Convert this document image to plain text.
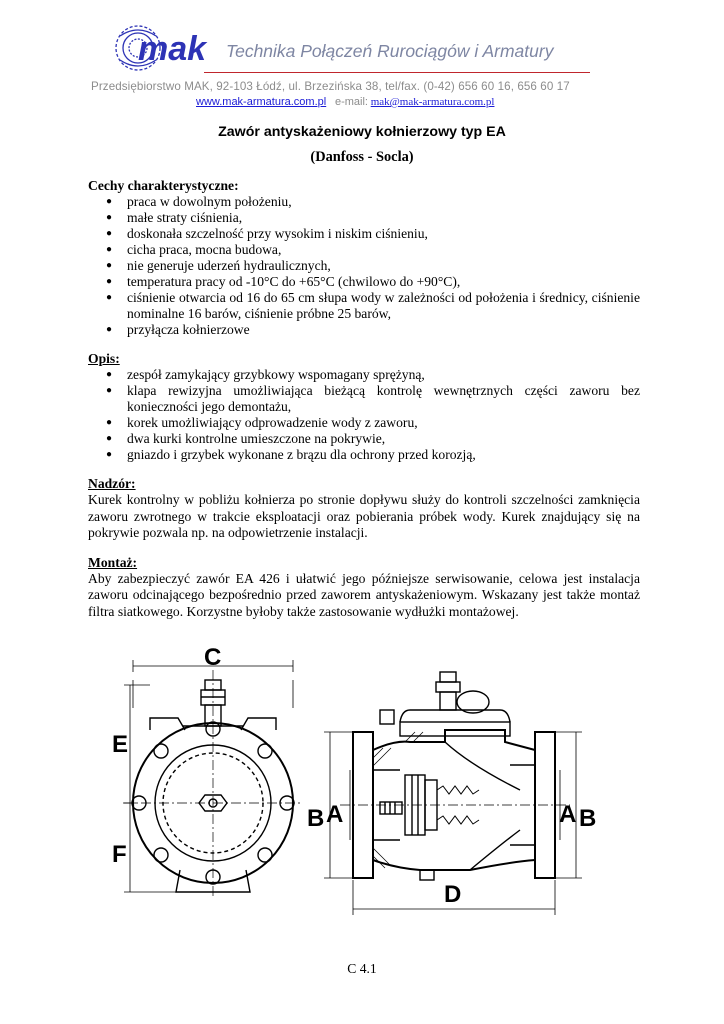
mak Technika Połączeń Rurociągów i Armatury
Przedsiębiorstwo MAK, 92-103 Łódź, ul. Brzezińska 38, tel/fax. (0-42) 656 60 16, 656 60 17
www.mak-armatura.com.pl e-mail: mak@mak-armatura.com.pl
Zawór antyskażeniowy kołnierzowy typ EA
(Danfoss - Socla)
Cechy charakterystyczne:
● praca w dowolnym położeniu,
● małe straty ciśnienia,
● doskonała szczelność przy wysokim i niskim ciśnieniu,
● cicha praca, mocna budowa,
● nie generuje uderzeń hydraulicznych,
● temperatura pracy od -10°C do +65°C (chwilowo do +90°C),
● ciśnienie otwarcia od 16 do 65 cm słupa wody w zależności od położenia i średnicy, ciśnienie nominalne 16 barów, ciśnienie próbne 25 barów,
● przyłącza kołnierzowe
Opis:
● zespół zamykający grzybkowy wspomagany sprężyną,
● klapa rewizyjna umożliwiająca bieżącą kontrolę wewnętrznych części zaworu bez konieczności jego demontażu,
● korek umożliwiający odprowadzenie wody z zaworu,
● dwa kurki kontrolne umieszczone na pokrywie,
● gniazdo i grzybek wykonane z brązu dla ochrony przed korozją,
Nadzór:

Kurek kontrolny w pobliżu kołnierza po stronie dopływu służy do kontroli szczelności zamknięcia zaworu zwrotnego w trakcie eksploatacji oraz pobierania próbek wody. Kurek znajdujący się na pokrywie pozwala np. na odpowietrzenie instalacji.

Montaż:

Aby zabezpieczyć zawór EA 426 i ułatwić jego późniejsze serwisowanie, celowa jest instalacja zaworu odcinającego bezpośrednio przed zaworem antyskażeniowym. Wskazany jest także montaż filtra siatkowego. Korzystne byłoby także zastosowanie wydłużki montażowej.

C
E
F
B A	A B
D
C 4.1
